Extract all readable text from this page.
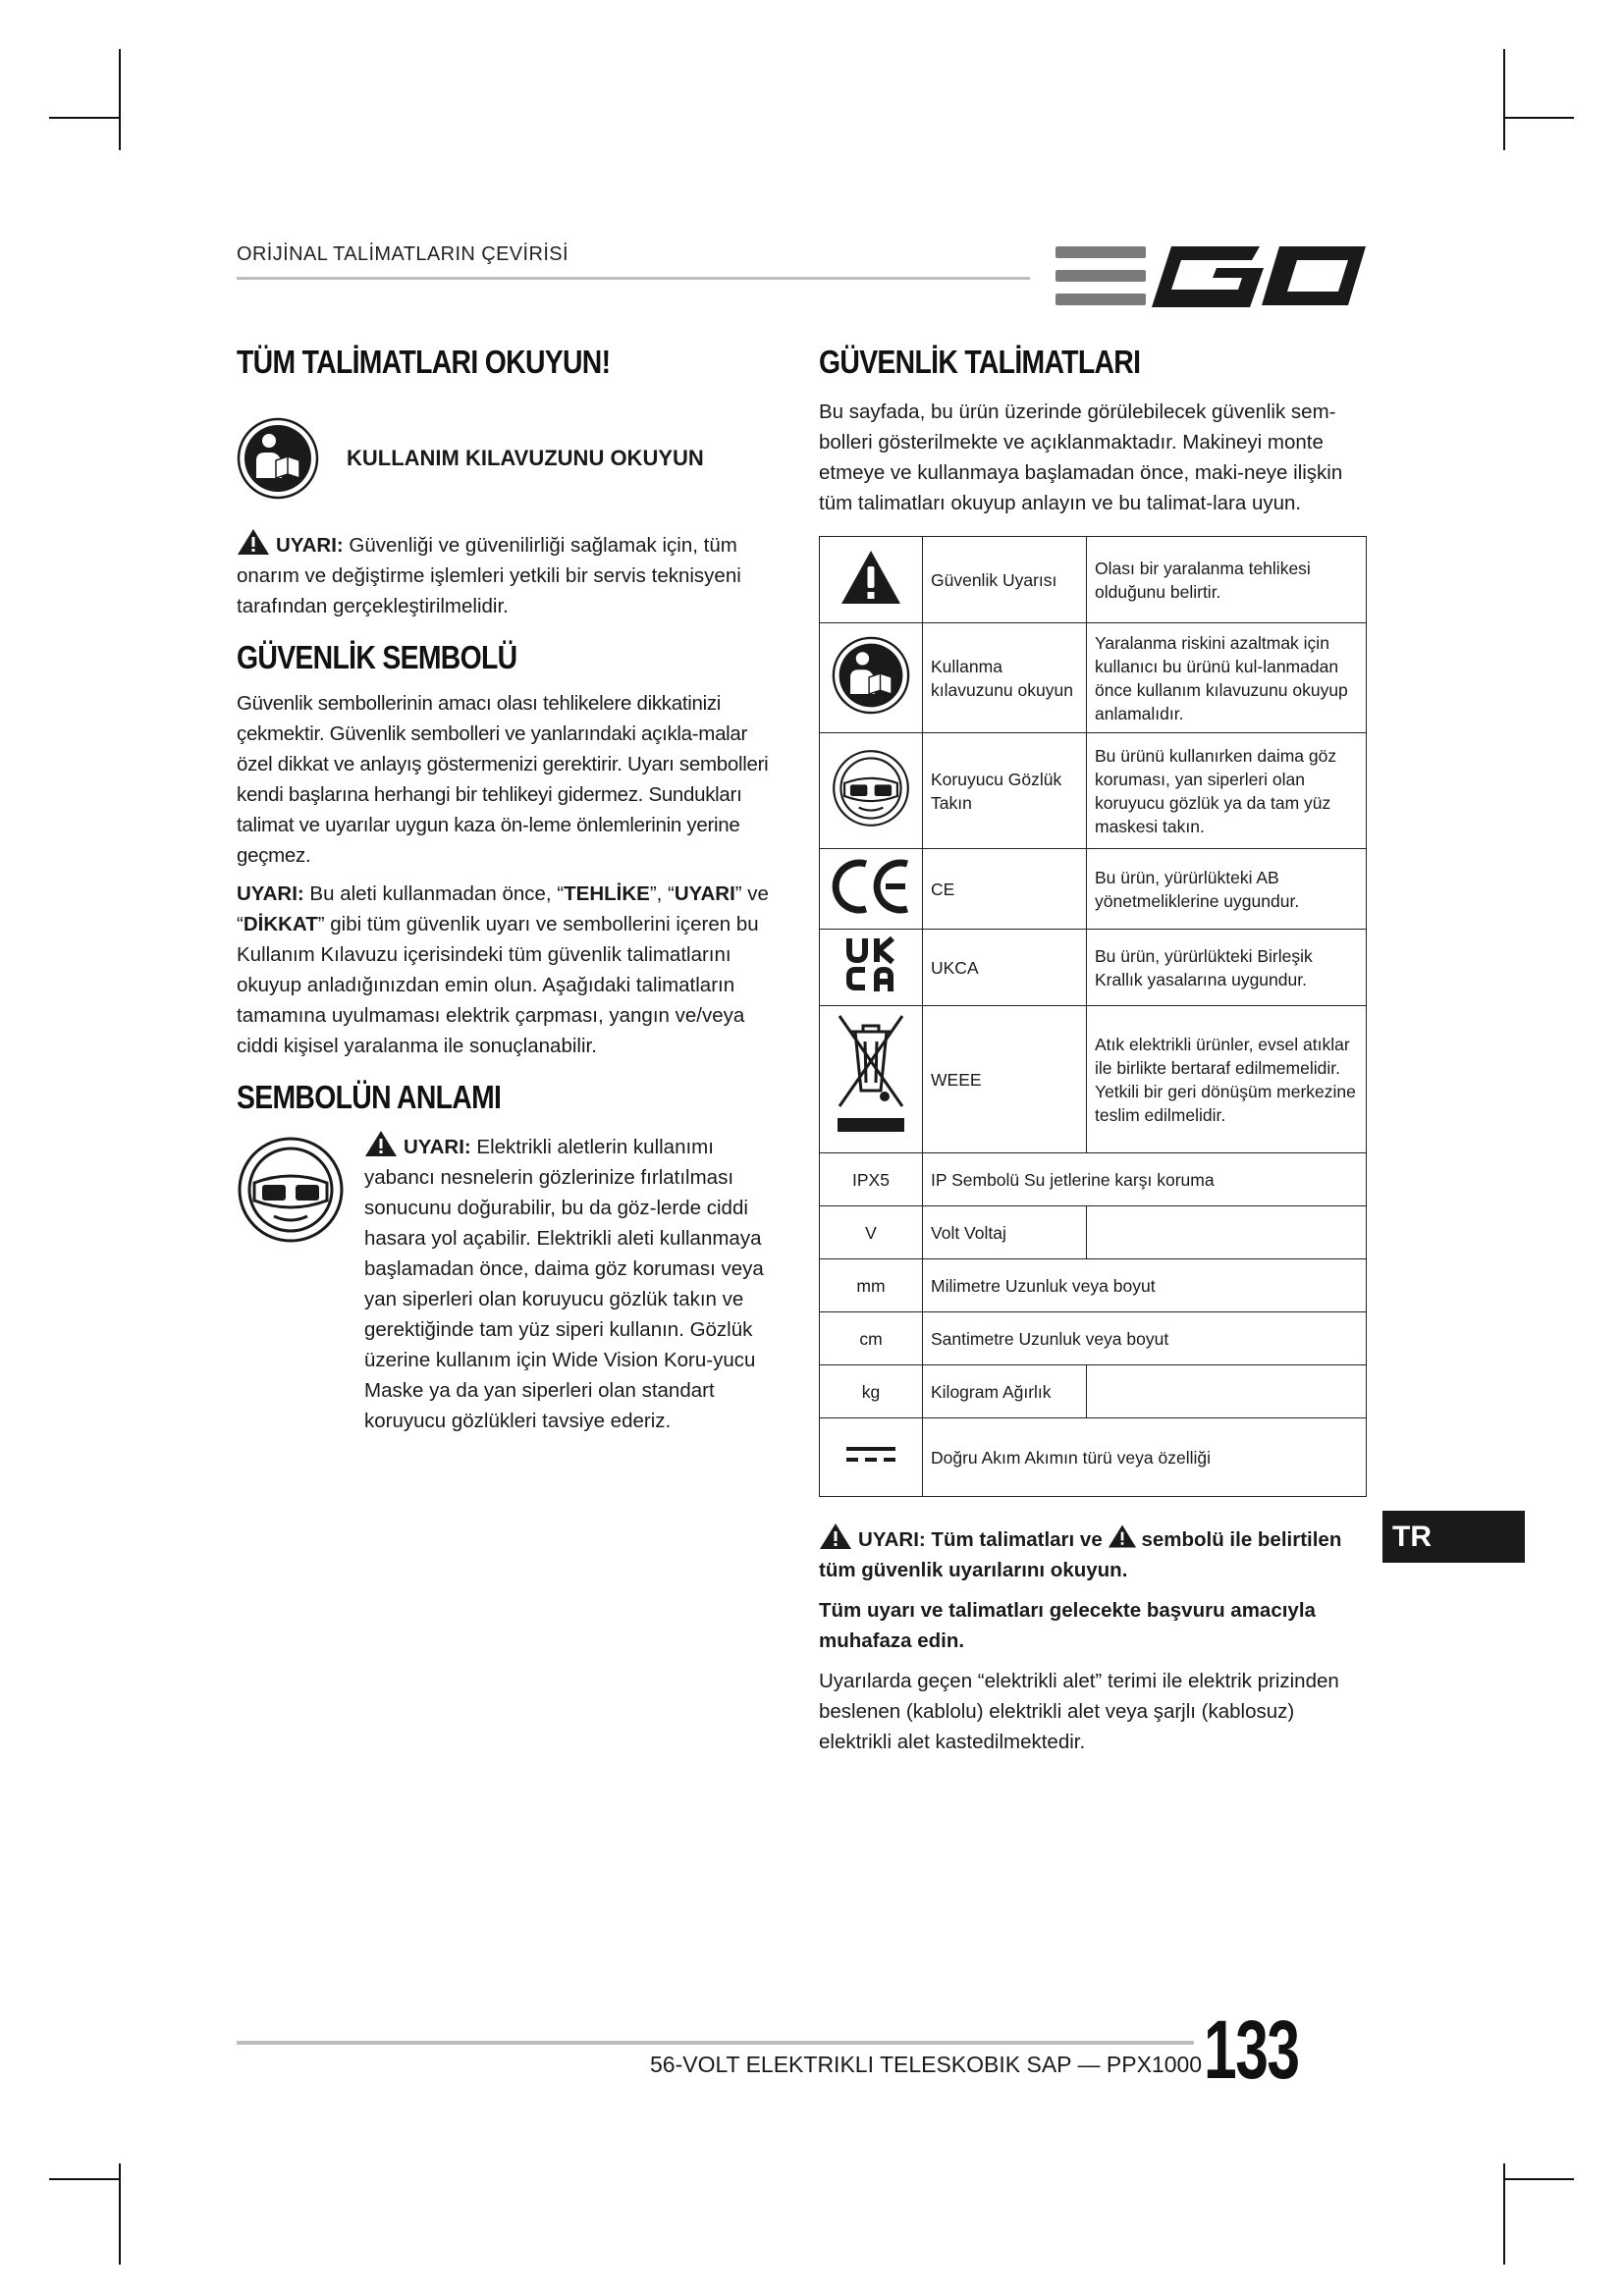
ORİJİNAL TALİMATLARIN ÇEVİRİSİ
TÜM TALİMATLARI OKUYUN!
KULLANIM KILAVUZUNU OKUYUN

UYARI: Güvenliği ve güvenilirliği sağlamak için, tüm onarım ve değiştirme işlemleri yetkili bir servis teknisyeni tarafından gerçekleştirilmelidir.

GÜVENLİK SEMBOLÜ

Güvenlik sembollerinin amacı olası tehlikelere dikkatinizi çekmektir. Güvenlik sembolleri ve yanlarındaki açıkla-malar özel dikkat ve anlayış göstermenizi gerektirir. Uyarı sembolleri kendi başlarına herhangi bir tehlikeyi gidermez. Sundukları talimat ve uyarılar uygun kaza ön-leme önlemlerinin yerine geçmez.

UYARI: Bu aleti kullanmadan önce, “TEHLİKE”, “UYARI” ve “DİKKAT” gibi tüm güvenlik uyarı ve sembollerini içeren bu Kullanım Kılavuzu içerisindeki tüm güvenlik talimatlarını okuyup anladığınızdan emin olun. Aşağıdaki talimatların tamamına uyulmaması elektrik çarpması, yangın ve/veya ciddi kişisel yaralanma ile sonuçlanabilir.

SEMBOLÜN ANLAMI

UYARI: Elektrikli aletlerin kullanımı yabancı nesnelerin gözlerinize fırlatılması sonucunu doğurabilir, bu da göz-lerde ciddi hasara yol açabilir. Elektrikli aleti kullanmaya başlamadan önce, daima göz koruması veya yan siperleri olan koruyucu gözlük takın ve gerektiğinde tam yüz siperi kullanın. Gözlük üzerine kullanım için Wide Vision Koru-yucu Maske ya da yan siperleri olan standart koruyucu gözlükleri tavsiye ederiz.

GÜVENLİK TALİMATLARI

Bu sayfada, bu ürün üzerinde görülebilecek güvenlik sem-bolleri gösterilmekte ve açıklanmaktadır. Makineyi monte etmeye ve kullanmaya başlamadan önce, maki-neye ilişkin tüm talimatları okuyup anlayın ve bu talimat-lara uyun.

	Güvenlik Uyarısı	Olası bir yaralanma tehlikesi olduğunu belirtir.
	Kullanma kılavuzunu okuyun	Yaralanma riskini azaltmak için kullanıcı bu ürünü kul-lanmadan önce kullanım kılavuzunu okuyup anlamalıdır.
	Koruyucu Gözlük Takın	Bu ürünü kullanırken daima göz koruması, yan siperleri olan koruyucu gözlük ya da tam yüz maskesi takın.
	CE	Bu ürün, yürürlükteki AB yönetmeliklerine uygundur.
	UKCA	Bu ürün, yürürlükteki Birleşik Krallık yasalarına uygundur.
	WEEE	Atık elektrikli ürünler, evsel atıklar ile birlikte bertaraf edilmemelidir. Yetkili bir geri dönüşüm merkezine teslim edilmelidir.
IPX5	IP Sembolü Su jetlerine karşı koruma	
V	Volt Voltaj	
mm	Milimetre Uzunluk veya boyut	
cm	Santimetre Uzunluk veya boyut	
kg	Kilogram Ağırlık	
	Doğru Akım Akımın türü veya özelliği	

UYARI: Tüm talimatları ve sembolü ile belirtilen tüm güvenlik uyarılarını okuyun.

Tüm uyarı ve talimatları gelecekte başvuru amacıyla muhafaza edin.

Uyarılarda geçen “elektrikli alet” terimi ile elektrik prizinden beslenen (kablolu) elektrikli alet veya şarjlı (kablosuz) elektrikli alet kastedilmektedir.

TR
56-VOLT ELEKTRIKLI TELESKOBIK SAP — PPX1000 133
